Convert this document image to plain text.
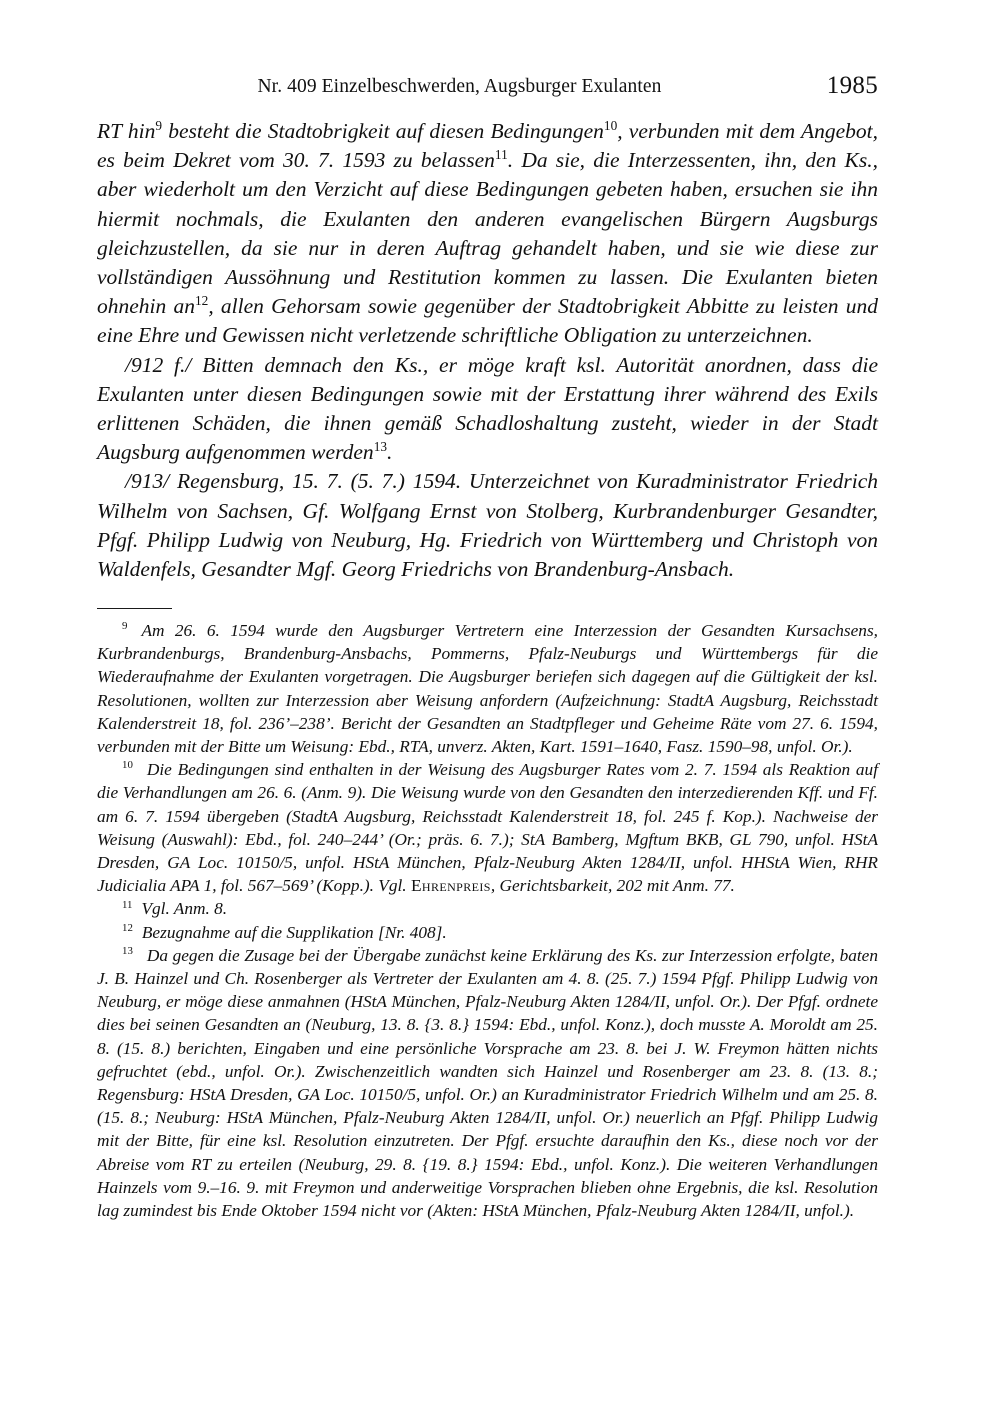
Nr. 409 Einzelbeschwerden, Augsburger Exulanten	1985

RT hin$^9$ besteht die Stadtobrigkeit auf diesen Bedingungen$^{10}$, verbunden mit dem Angebot, es beim Dekret vom 30. 7. 1593 zu belassen$^{11}$. Da sie, die Interzessenten, ihn, den Ks., aber wiederholt um den Verzicht auf diese Bedingungen gebeten haben, ersuchen sie ihn hiermit nochmals, die Exulanten den anderen evangelischen Bürgern Augsburgs gleichzustellen, da sie nur in deren Auftrag gehandelt haben, und sie wie diese zur vollständigen Aussöhnung und Restitution kommen zu lassen. Die Exulanten bieten ohnehin $an^{12}$, allen Gehorsam sowie gegenüber der Stadtobrigkeit Abbitte zu leisten und eine Ehre und Gewissen nicht verletzende schriftliche Obligation zu unterzeichnen.

/912 f./ Bitten demnach den Ks., er möge kraft ksl. Autorität anordnen, dass die Exulanten unter diesen Bedingungen sowie mit der Erstattung ihrer während des Exils erlittenen Schäden, die ihnen gemäß Schadloshaltung zusteht, wieder in der Stadt Augsburg aufgenommen werden$^{13}$.

/913/ Regensburg, 15. 7. (5. 7.) 1594. Unterzeichnet von Kuradministrator Friedrich Wilhelm von Sachsen, Gf. Wolfgang Ernst von Stolberg, Kurbrandenburger Gesandter, Pfgf. Philipp Ludwig von Neuburg, Hg. Friedrich von Württemberg und Christoph von Waldenfels, Gesandter Mgf. Georg Friedrichs von Brandenburg-Ansbach.

$^9$ Am 26. 6. 1594 wurde den Augsburger Vertretern eine Interzession der Gesandten Kursachsens, Kurbrandenburgs, Brandenburg-Ansbachs, Pommerns, Pfalz-Neuburgs und Württembergs für die Wiederaufnahme der Exulanten vorgetragen. Die Augsburger beriefen sich dagegen auf die Gültigkeit der ksl. Resolutionen, wollten zur Interzession aber Weisung anfordern (Aufzeichnung: StadtA Augsburg, Reichsstadt Kalenderstreit 18, fol. 236’–238’. Bericht der Gesandten an Stadtpfleger und Geheime Räte vom 27. 6. 1594, verbunden mit der Bitte um Weisung: Ebd., RTA, unverz. Akten, Kart. 1591–1640, Fasz. 1590–98, unfol. Or.).

$^{10}$ Die Bedingungen sind enthalten in der Weisung des Augsburger Rates vom 2. 7. 1594 als Reaktion auf die Verhandlungen am 26. 6. (Anm. 9). Die Weisung wurde von den Gesandten den interzedierenden Kff. und Ff. am 6. 7. 1594 übergeben (StadtA Augsburg, Reichsstadt Kalenderstreit 18, fol. 245 f. Kop.). Nachweise der Weisung (Auswahl): Ebd., fol. 240–244’ (Or.; präs. 6. 7.); StA Bamberg, Mgftum BKB, GL 790, unfol. HStA Dresden, GA Loc. 10150/5, unfol. HStA München, Pfalz-Neuburg Akten 1284/II, unfol. HHStA Wien, RHR Judicialia APA 1, fol. 567–569’ (Kopp.). Vgl. Ehrenpreis, Gerichtsbarkeit, 202 mit Anm. 77.

$^{11}$ Vgl. Anm. 8.

$^{12}$ Bezugnahme auf die Supplikation [Nr. 408].

$^{13}$ Da gegen die Zusage bei der Übergabe zunächst keine Erklärung des Ks. zur Interzession erfolgte, baten J. B. Hainzel und Ch. Rosenberger als Vertreter der Exulanten am 4. 8. (25. 7.) 1594 Pfgf. Philipp Ludwig von Neuburg, er möge diese anmahnen (HStA München, Pfalz-Neuburg Akten 1284/II, unfol. Or.). Der Pfgf. ordnete dies bei seinen Gesandten an (Neuburg, 13. 8. {3. 8.} 1594: Ebd., unfol. Konz.), doch musste A. Moroldt am 25. 8. (15. 8.) berichten, Eingaben und eine persönliche Vorsprache am 23. 8. bei J. W. Freymon hätten nichts gefruchtet (ebd., unfol. Or.). Zwischenzeitlich wandten sich Hainzel und Rosenberger am 23. 8. (13. 8.; Regensburg: HStA Dresden, GA Loc. 10150/5, unfol. Or.) an Kuradministrator Friedrich Wilhelm und am 25. 8. (15. 8.; Neuburg: HStA München, Pfalz-Neuburg Akten 1284/II, unfol. Or.) neuerlich an Pfgf. Philipp Ludwig mit der Bitte, für eine ksl. Resolution einzutreten. Der Pfgf. ersuchte daraufhin den Ks., diese noch vor der Abreise vom RT zu erteilen (Neuburg, 29. 8. {19. 8.} 1594: Ebd., unfol. Konz.). Die weiteren Verhandlungen Hainzels vom 9.–16. 9. mit Freymon und anderweitige Vorsprachen blieben ohne Ergebnis, die ksl. Resolution lag zumindest bis Ende Oktober 1594 nicht vor (Akten: HStA München, Pfalz-Neuburg Akten 1284/II, unfol.).
